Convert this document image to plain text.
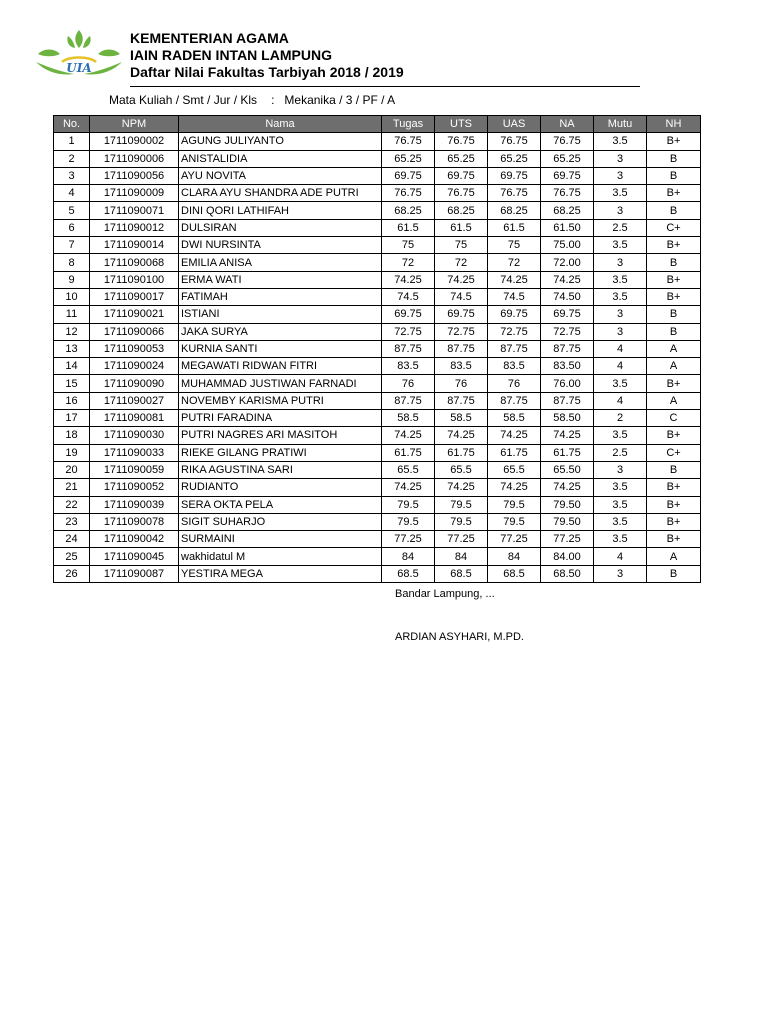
UIA
KEMENTERIAN AGAMA
IAIN RADEN INTAN LAMPUNG
Daftar Nilai Fakultas Tarbiyah 2018 / 2019
Mata Kuliah / Smt / Jur / Kls : Mekanika / 3 / PF / A
No.	NPM	Nama	Tugas	UTS	UAS	NA	Mutu	NH
1	1711090002	AGUNG JULIYANTO	76.75	76.75	76.75	76.75	3.5	B+
2	1711090006	ANISTALIDIA	65.25	65.25	65.25	65.25	3	B
3	1711090056	AYU NOVITA	69.75	69.75	69.75	69.75	3	B
4	1711090009	CLARA AYU SHANDRA ADE PUTRI	76.75	76.75	76.75	76.75	3.5	B+
5	1711090071	DINI QORI LATHIFAH	68.25	68.25	68.25	68.25	3	B
6	1711090012	DULSIRAN	61.5	61.5	61.5	61.50	2.5	C+
7	1711090014	DWI NURSINTA	75	75	75	75.00	3.5	B+
8	1711090068	EMILIA ANISA	72	72	72	72.00	3	B
9	1711090100	ERMA WATI	74.25	74.25	74.25	74.25	3.5	B+
10	1711090017	FATIMAH	74.5	74.5	74.5	74.50	3.5	B+
11	1711090021	ISTIANI	69.75	69.75	69.75	69.75	3	B
12	1711090066	JAKA SURYA	72.75	72.75	72.75	72.75	3	B
13	1711090053	KURNIA SANTI	87.75	87.75	87.75	87.75	4	A
14	1711090024	MEGAWATI RIDWAN FITRI	83.5	83.5	83.5	83.50	4	A
15	1711090090	MUHAMMAD JUSTIWAN FARNADI	76	76	76	76.00	3.5	B+
16	1711090027	NOVEMBY KARISMA PUTRI	87.75	87.75	87.75	87.75	4	A
17	1711090081	PUTRI FARADINA	58.5	58.5	58.5	58.50	2	C
18	1711090030	PUTRI NAGRES ARI MASITOH	74.25	74.25	74.25	74.25	3.5	B+
19	1711090033	RIEKE GILANG PRATIWI	61.75	61.75	61.75	61.75	2.5	C+
20	1711090059	RIKA AGUSTINA SARI	65.5	65.5	65.5	65.50	3	B
21	1711090052	RUDIANTO	74.25	74.25	74.25	74.25	3.5	B+
22	1711090039	SERA OKTA PELA	79.5	79.5	79.5	79.50	3.5	B+
23	1711090078	SIGIT SUHARJO	79.5	79.5	79.5	79.50	3.5	B+
24	1711090042	SURMAINI	77.25	77.25	77.25	77.25	3.5	B+
25	1711090045	wakhidatul M	84	84	84	84.00	4	A
26	1711090087	YESTIRA MEGA	68.5	68.5	68.5	68.50	3	B
Bandar Lampung, ...
ARDIAN ASYHARI, M.PD.
